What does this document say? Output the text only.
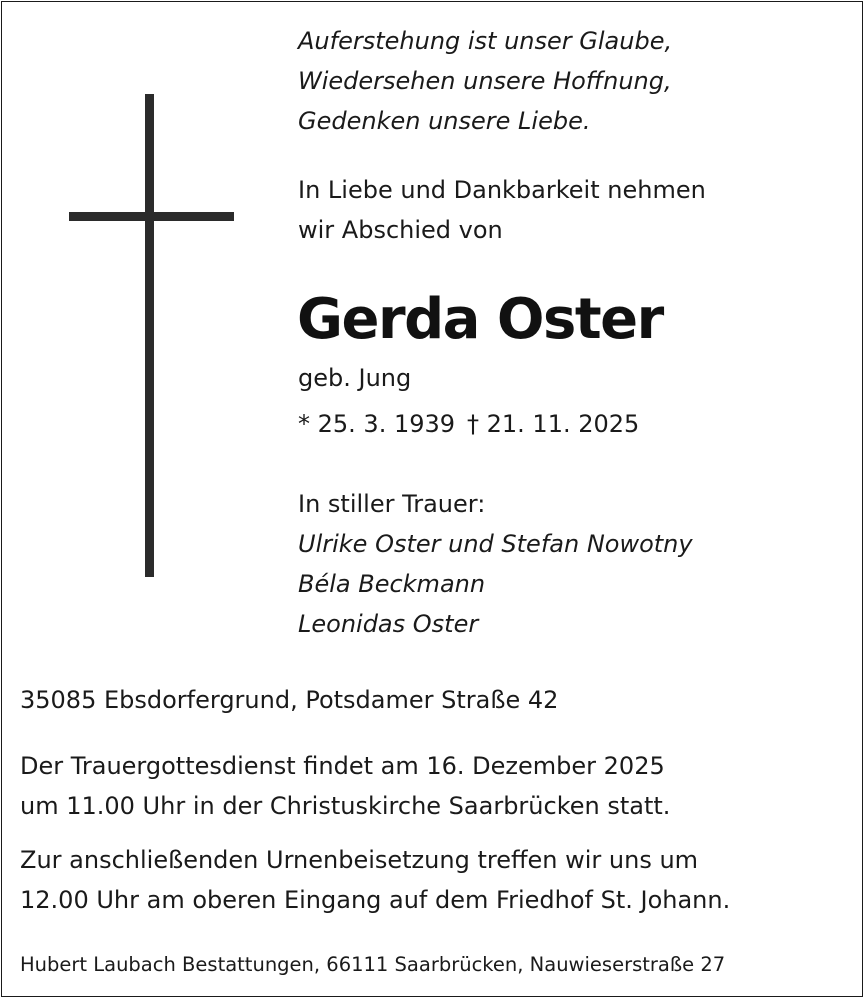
Auferstehung ist unser Glaube,

Wiedersehen unsere Hoffnung,

Gedenken unsere Liebe.

In Liebe und Dankbarkeit nehmen

wir Abschied von

Gerda Oster

geb. Jung

* 25. 3. 1939 † 21. 11. 2025

In stiller Trauer:

Ulrike Oster und Stefan Nowotny

Béla Beckmann

Leonidas Oster

35085 Ebsdorfergrund, Potsdamer Straße 42

Der Trauergottesdienst findet am 16. Dezember 2025

um 11.00 Uhr in der Christuskirche Saarbrücken statt.

Zur anschließenden Urnenbeisetzung treffen wir uns um

12.00 Uhr am oberen Eingang auf dem Friedhof St. Johann.

Hubert Laubach Bestattungen, 66111 Saarbrücken, Nauwieserstraße 27
